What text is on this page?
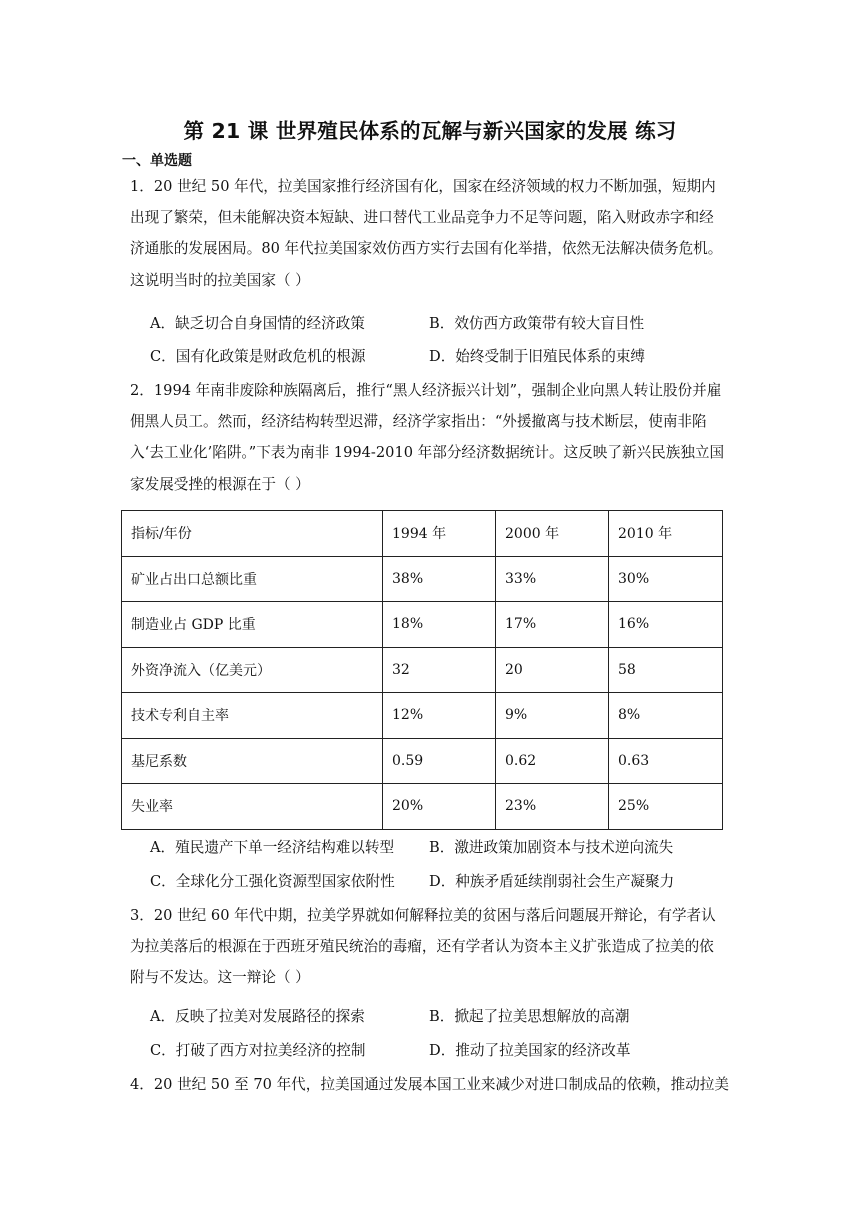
第 21 课 世界殖民体系的瓦解与新兴国家的发展 练习
一、单选题
1．20 世纪 50 年代，拉美国家推行经济国有化，国家在经济领域的权力不断加强，短期内
出现了繁荣，但未能解决资本短缺、进口替代工业品竞争力不足等问题，陷入财政赤字和经
济通胀的发展困局。80 年代拉美国家效仿西方实行去国有化举措，依然无法解决债务危机。
这说明当时的拉美国家（ ）
A．缺乏切合自身国情的经济政策	B．效仿西方政策带有较大盲目性
C．国有化政策是财政危机的根源	D．始终受制于旧殖民体系的束缚
2．1994 年南非废除种族隔离后，推行“黑人经济振兴计划”，强制企业向黑人转让股份并雇
佣黑人员工。然而，经济结构转型迟滞，经济学家指出：“外援撤离与技术断层，使南非陷
入‘去工业化’陷阱。”下表为南非 1994-2010 年部分经济数据统计。这反映了新兴民族独立国
家发展受挫的根源在于（ ）
指标/年份	1994 年	2000 年	2010 年
矿业占出口总额比重	38%	33%	30%
制造业占 GDP 比重	18%	17%	16%
外资净流入（亿美元）	32	20	58
技术专利自主率	12%	9%	8%
基尼系数	0.59	0.62	0.63
失业率	20%	23%	25%
A．殖民遗产下单一经济结构难以转型 B．激进政策加剧资本与技术逆向流失
C．全球化分工强化资源型国家依附性 D．种族矛盾延续削弱社会生产凝聚力
3．20 世纪 60 年代中期，拉美学界就如何解释拉美的贫困与落后问题展开辩论，有学者认
为拉美落后的根源在于西班牙殖民统治的毒瘤，还有学者认为资本主义扩张造成了拉美的依
附与不发达。这一辩论（ ）
A．反映了拉美对发展路径的探索	B．掀起了拉美思想解放的高潮
C．打破了西方对拉美经济的控制	D．推动了拉美国家的经济改革
4．20 世纪 50 至 70 年代，拉美国通过发展本国工业来减少对进口制成品的依赖，推动拉美
